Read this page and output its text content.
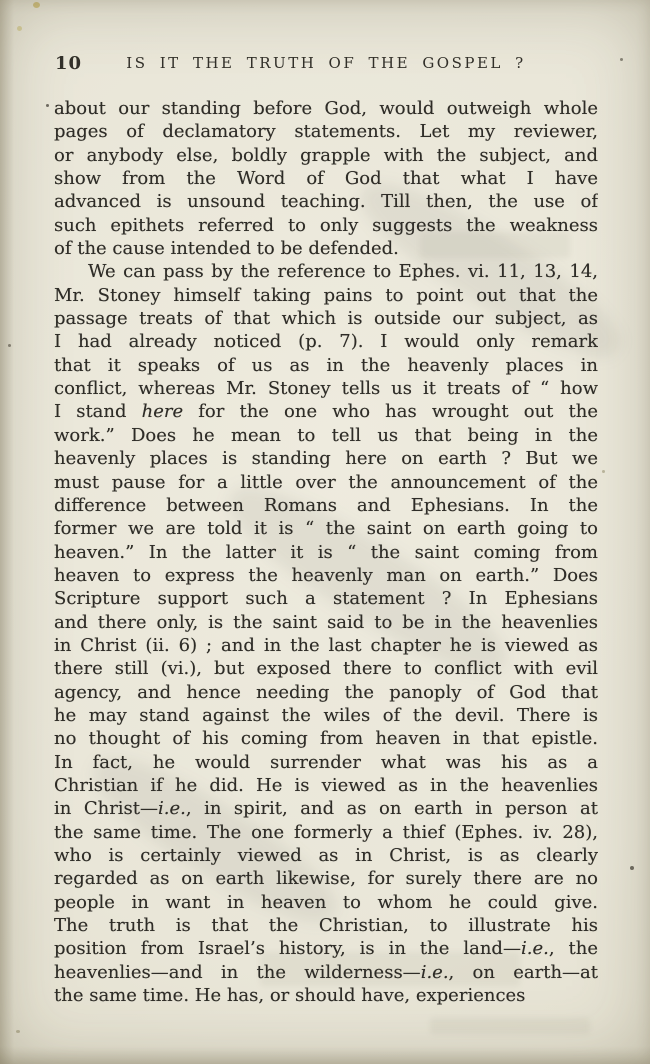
10	IS IT THE TRUTH OF THE GOSPEL ?
about our standing before God, would outweigh whole
pages of declamatory statements. Let my reviewer,
or anybody else, boldly grapple with the subject, and
show from the Word of God that what I have
advanced is unsound teaching. Till then, the use of
such epithets referred to only suggests the weakness
of the cause intended to be defended.
We can pass by the reference to Ephes. vi. 11, 13, 14,
Mr. Stoney himself taking pains to point out that the
passage treats of that which is outside our subject, as
I had already noticed (p. 7). I would only remark
that it speaks of us as in the heavenly places in
conflict, whereas Mr. Stoney tells us it treats of “ how
I stand here for the one who has wrought out the
work.” Does he mean to tell us that being in the
heavenly places is standing here on earth ? But we
must pause for a little over the announcement of the
difference between Romans and Ephesians. In the
former we are told it is “ the saint on earth going to
heaven.” In the latter it is “ the saint coming from
heaven to express the heavenly man on earth.” Does
Scripture support such a statement ? In Ephesians
and there only, is the saint said to be in the heavenlies
in Christ (ii. 6) ; and in the last chapter he is viewed as
there still (vi.), but exposed there to conflict with evil
agency, and hence needing the panoply of God that
he may stand against the wiles of the devil. There is
no thought of his coming from heaven in that epistle.
In fact, he would surrender what was his as a
Christian if he did. He is viewed as in the heavenlies
in Christ—i.e., in spirit, and as on earth in person at
the same time. The one formerly a thief (Ephes. iv. 28),
who is certainly viewed as in Christ, is as clearly
regarded as on earth likewise, for surely there are no
people in want in heaven to whom he could give.
The truth is that the Christian, to illustrate his
position from Israel’s history, is in the land—i.e., the
heavenlies—and in the wilderness—i.e., on earth—at
the same time. He has, or should have, experiences
